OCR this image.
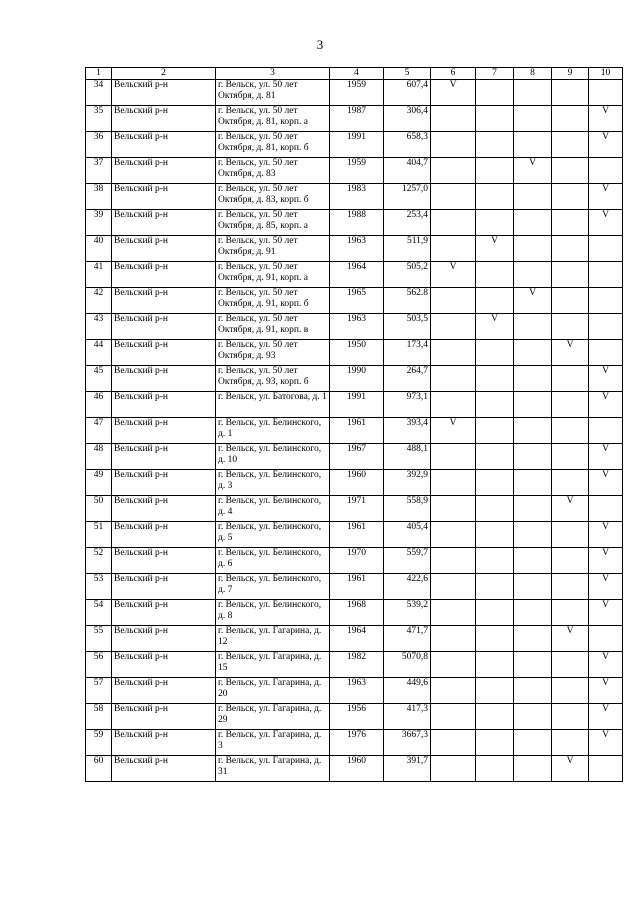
3
1	2	3	4	5	6	7	8	9	10
34	Вельский р-н	г. Вельск, ул. 50 лет Октября, д. 81	1959	607,4	V				
35	Вельский р-н	г. Вельск, ул. 50 лет Октября, д. 81, корп. а	1987	306,4					V
36	Вельский р-н	г. Вельск, ул. 50 лет Октября, д. 81, корп. б	1991	658,3					V
37	Вельский р-н	г. Вельск, ул. 50 лет Октября, д. 83	1959	404,7			V		
38	Вельский р-н	г. Вельск, ул. 50 лет Октября, д. 83, корп. б	1983	1257,0					V
39	Вельский р-н	г. Вельск, ул. 50 лет Октября, д. 85, корп. а	1988	253,4					V
40	Вельский р-н	г. Вельск, ул. 50 лет Октября, д. 91	1963	511,9		V			
41	Вельский р-н	г. Вельск, ул. 50 лет Октября, д. 91, корп. а	1964	505,2	V				
42	Вельский р-н	г. Вельск, ул. 50 лет Октября, д. 91, корп. б	1965	562.8			V		
43	Вельский р-н	г. Вельск, ул. 50 лет Октября, д. 91, корп. в	1963	503,5		V			
44	Вельский р-н	г. Вельск, ул. 50 лет Октября, д. 93	1950	173,4				V	
45	Вельский р-н	г. Вельск, ул. 50 лет Октября, д. 93, корп. б	1990	264,7					V
46	Вельский р-н	г. Вельск, ул. Батогова, д. 1	1991	973,1					V
47	Вельский р-н	г. Вельск, ул. Белинского, д. 1	1961	393,4	V				
48	Вельский р-н	г. Вельск, ул. Белинского, д. 10	1967	488,1					V
49	Вельский р-н	г. Вельск, ул. Белинского, д. 3	1960	392,9					V
50	Вельский р-н	г. Вельск, ул. Белинского, д. 4	1971	558,9				V	
51	Вельский р-н	г. Вельск, ул. Белинского, д. 5	1961	405,4					V
52	Вельский р-н	г. Вельск, ул. Белинского, д. 6	1970	559,7					V
53	Вельский р-н	г. Вельск, ул. Белинского, д. 7	1961	422,6					V
54	Вельский р-н	г. Вельск, ул. Белинского, д. 8	1968	539,2					V
55	Вельский р-н	г. Вельск, ул. Гагарина, д. 12	1964	471,7				V	
56	Вельский р-н	г. Вельск, ул. Гагарина, д. 15	1982	5070,8					V
57	Вельский р-н	г. Вельск, ул. Гагарина, д. 20	1963	449,6					V
58	Вельский р-н	г. Вельск, ул. Гагарина, д. 29	1956	417,3					V
59	Вельский р-н	г. Вельск, ул. Гагарина, д. 3	1976	3667,3					V
60	Вельский р-н	г. Вельск, ул. Гагарина, д. 31	1960	391,7				V	
